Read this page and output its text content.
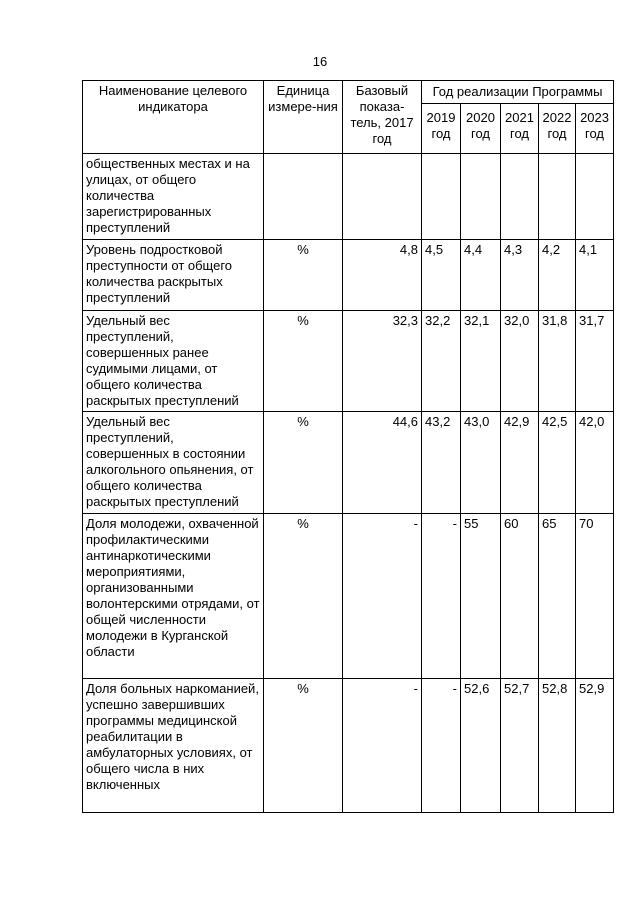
16
Наименование целевого индикатора	Единица измере-ния	Базовый показа-тель, 2017 год	Год реализации Программы				
			2019 год	2020 год	2021 год	2022 год	2023 год
общественных местах и на улицах, от общего количества зарегистрированных преступлений							
Уровень подростковой преступности от общего количества раскрытых преступлений	%	4,8	4,5	4,4	4,3	4,2	4,1
Удельный вес преступлений, совершенных ранее судимыми лицами, от общего количества раскрытых преступлений	%	32,3	32,2	32,1	32,0	31,8	31,7
Удельный вес преступлений, совершенных в состоянии алкогольного опьянения, от общего количества раскрытых преступлений	%	44,6	43,2	43,0	42,9	42,5	42,0
Доля молодежи, охваченной профилактическими антинаркотическими мероприятиями, организованными волонтерскими отрядами, от общей численности молодежи в Курганской области	%	-	-	55	60	65	70
Доля больных наркоманией, успешно завершивших программы медицинской реабилитации в амбулаторных условиях, от общего числа в них включенных	%	-	-	52,6	52,7	52,8	52,9
